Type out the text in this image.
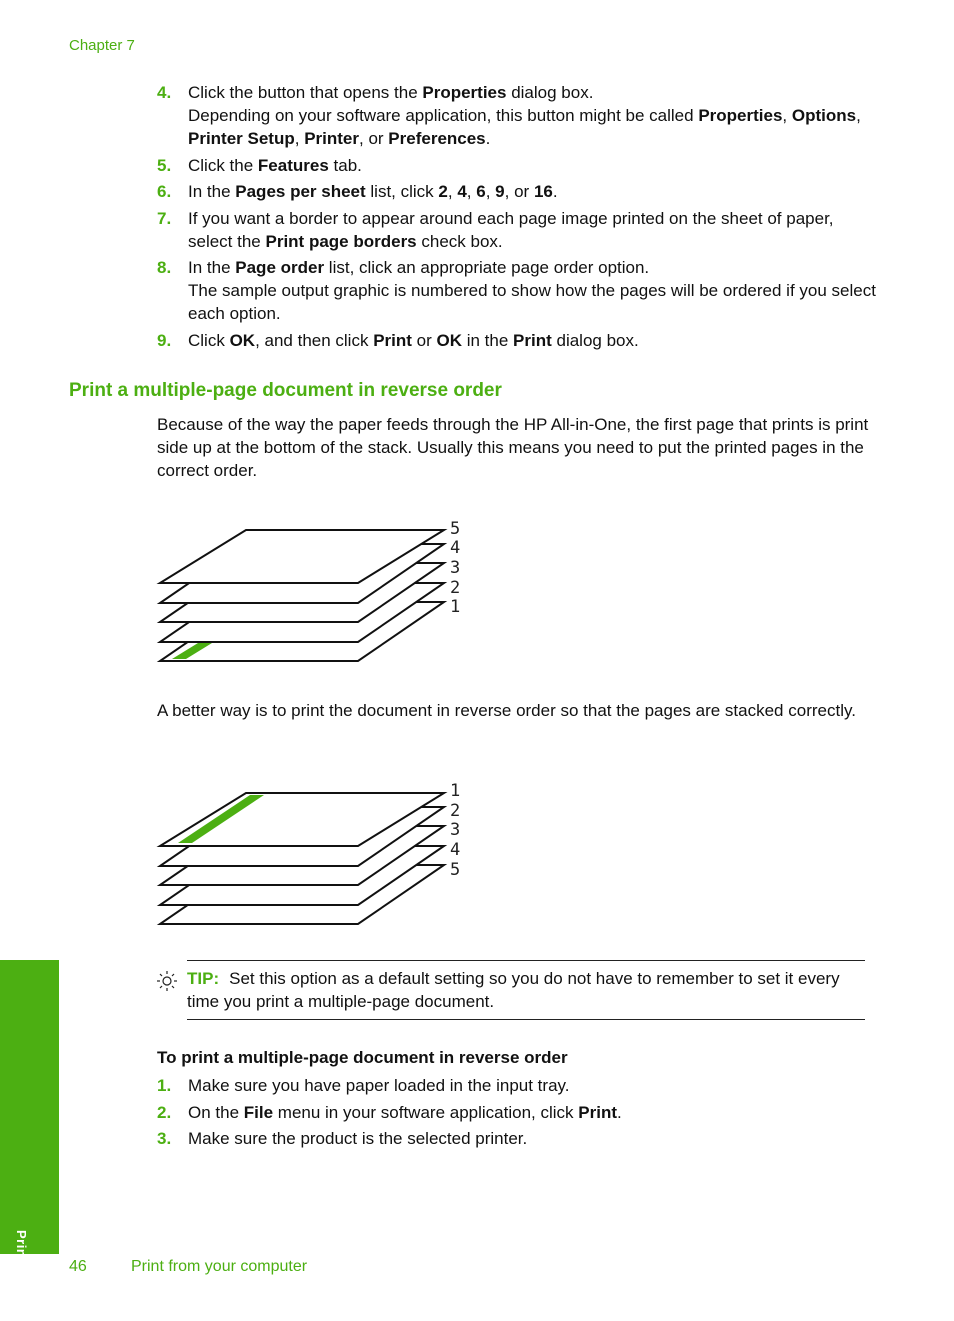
Chapter 7
4. Click the button that opens the Properties dialog box.
Depending on your software application, this button might be called Properties, Options, Printer Setup, Printer, or Preferences.
5. Click the Features tab.
6. In the Pages per sheet list, click 2, 4, 6, 9, or 16.
7. If you want a border to appear around each page image printed on the sheet of paper, select the Print page borders check box.
8. In the Page order list, click an appropriate page order option.
The sample output graphic is numbered to show how the pages will be ordered if you select each option.
9. Click OK, and then click Print or OK in the Print dialog box.
Print a multiple-page document in reverse order
Because of the way the paper feeds through the HP All-in-One, the first page that prints is print side up at the bottom of the stack. Usually this means you need to put the printed pages in the correct order.
5
4
3
2
1
A better way is to print the document in reverse order so that the pages are stacked correctly.
1
2
3
4
5
TIP: Set this option as a default setting so you do not have to remember to set it every time you print a multiple-page document.
To print a multiple-page document in reverse order
1. Make sure you have paper loaded in the input tray.
2. On the File menu in your software application, click Print.
3. Make sure the product is the selected printer.
Print
46	Print from your computer
